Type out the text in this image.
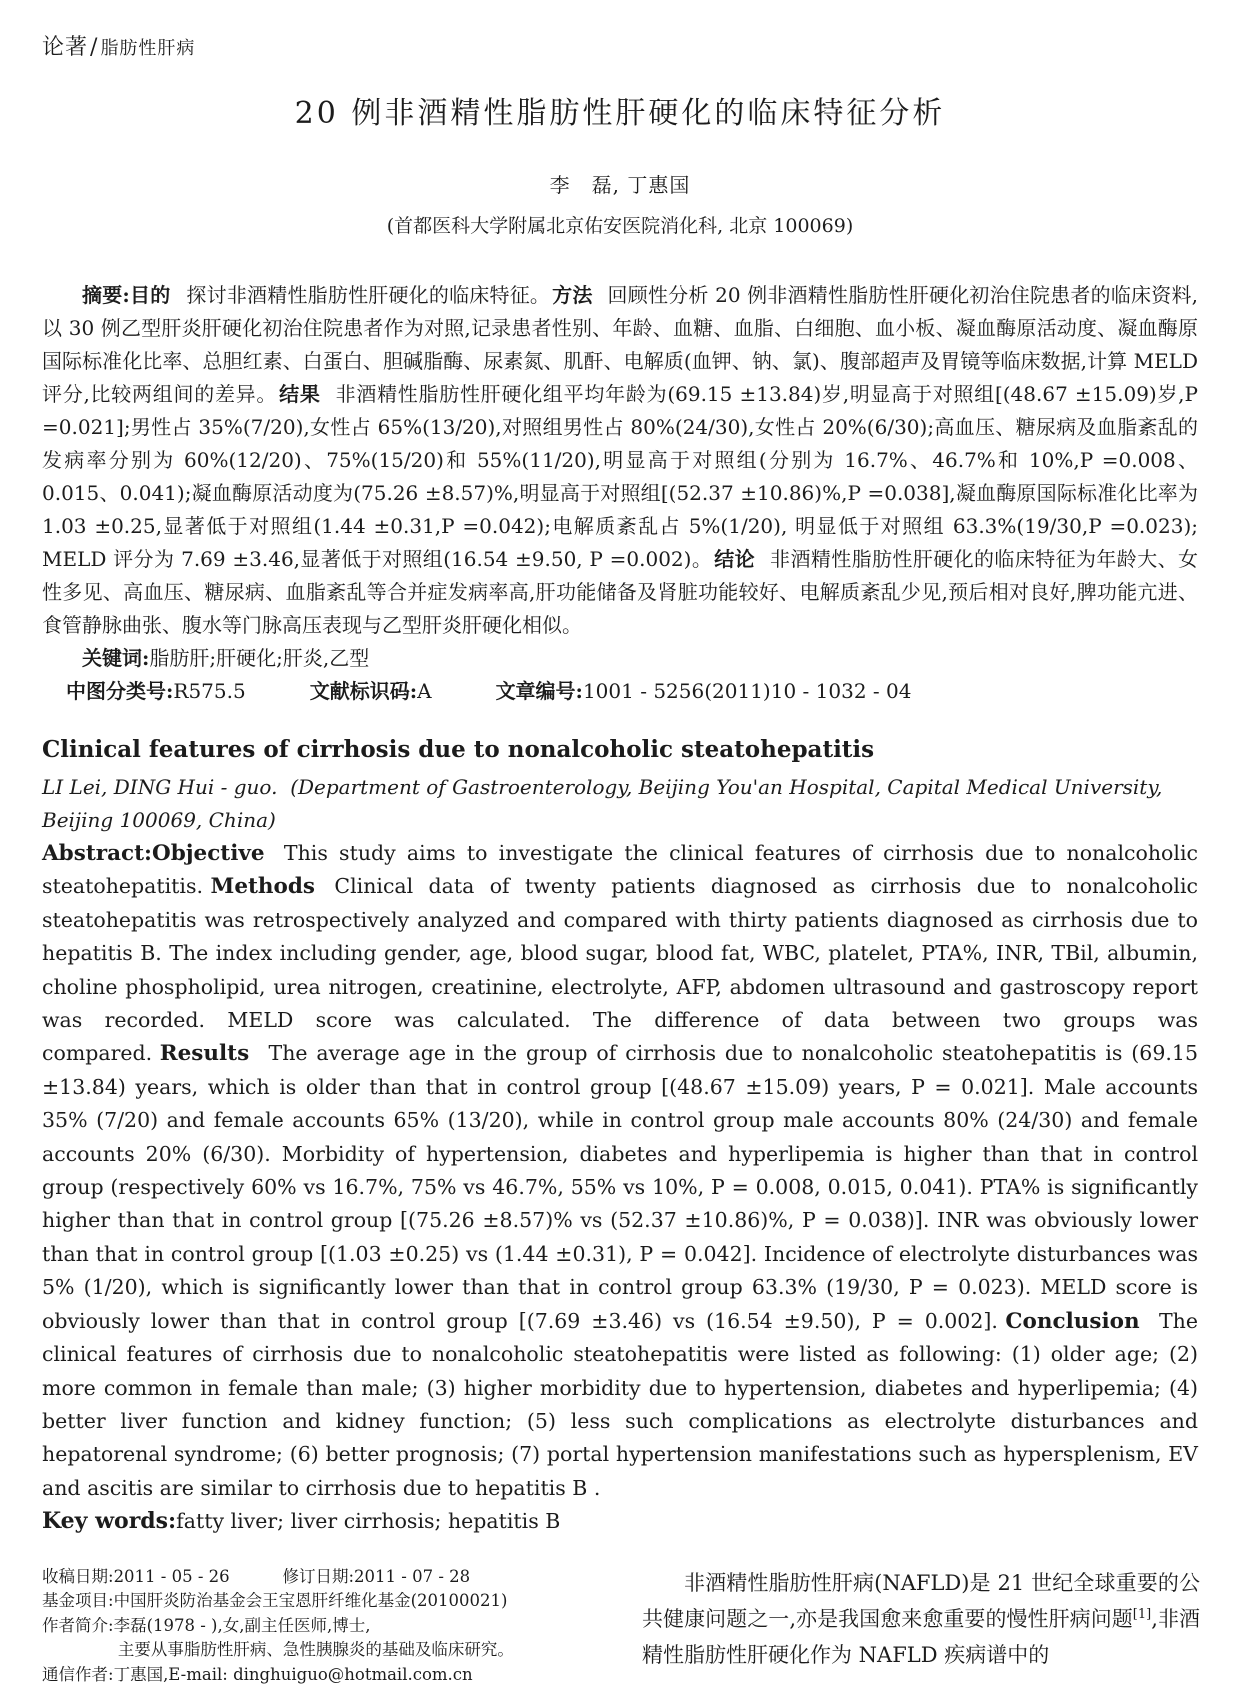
论著/ 脂肪性肝病
20 例非酒精性脂肪性肝硬化的临床特征分析
李　磊, 丁惠国
(首都医科大学附属北京佑安医院消化科, 北京 100069)

摘要:目的 探讨非酒精性脂肪性肝硬化的临床特征。 方法 回顾性分析 20 例非酒精性脂肪性肝硬化初治住院患者的临床资料,以 30 例乙型肝炎肝硬化初治住院患者作为对照,记录患者性别、年龄、血糖、血脂、白细胞、血小板、凝血酶原活动度、凝血酶原国际标准化比率、总胆红素、白蛋白、胆碱脂酶、尿素氮、肌酐、电解质(血钾、钠、氯)、腹部超声及胃镜等临床数据,计算 MELD 评分,比较两组间的差异。 结果 非酒精性脂肪性肝硬化组平均年龄为(69.15 ±13.84)岁,明显高于对照组[(48.67 ±15.09)岁,P =0.021];男性占 35%(7/20),女性占 65%(13/20),对照组男性占 80%(24/30),女性占 20%(6/30);高血压、糖尿病及血脂紊乱的发病率分别为 60%(12/20)、75%(15/20)和 55%(11/20),明显高于对照组(分别为 16.7%、46.7%和 10%,P =0.008、0.015、0.041);凝血酶原活动度为(75.26 ±8.57)%,明显高于对照组[(52.37 ±10.86)%,P =0.038],凝血酶原国际标准化比率为 1.03 ±0.25,显著低于对照组(1.44 ±0.31,P =0.042);电解质紊乱占 5%(1/20), 明显低于对照组 63.3%(19/30,P =0.023); MELD 评分为 7.69 ±3.46,显著低于对照组(16.54 ±9.50, P =0.002)。 结论 非酒精性脂肪性肝硬化的临床特征为年龄大、女性多见、高血压、糖尿病、血脂紊乱等合并症发病率高,肝功能储备及肾脏功能较好、电解质紊乱少见,预后相对良好,脾功能亢进、食管静脉曲张、腹水等门脉高压表现与乙型肝炎肝硬化相似。

关键词:脂肪肝;肝硬化;肝炎,乙型

中图分类号:R575.5	文献标识码:A	文章编号:1001 - 5256(2011)10 - 1032 - 04

Clinical features of cirrhosis due to nonalcoholic steatohepatitis

LI Lei, DING Hui - guo. (Department of Gastroenterology, Beijing You'an Hospital, Capital Medical University, Beijing 100069, China)

Abstract:Objective This study aims to investigate the clinical features of cirrhosis due to nonalcoholic steatohepatitis. Methods Clinical data of twenty patients diagnosed as cirrhosis due to nonalcoholic steatohepatitis was retrospectively analyzed and compared with thirty patients diagnosed as cirrhosis due to hepatitis B. The index including gender, age, blood sugar, blood fat, WBC, platelet, PTA%, INR, TBil, albumin, choline phospholipid, urea nitrogen, creatinine, electrolyte, AFP, abdomen ultrasound and gastroscopy report was recorded. MELD score was calculated. The difference of data between two groups was compared. Results The average age in the group of cirrhosis due to nonalcoholic steatohepatitis is (69.15 ±13.84) years, which is older than that in control group [(48.67 ±15.09) years, P = 0.021]. Male accounts 35% (7/20) and female accounts 65% (13/20), while in control group male accounts 80% (24/30) and female accounts 20% (6/30). Morbidity of hypertension, diabetes and hyperlipemia is higher than that in control group (respectively 60% vs 16.7%, 75% vs 46.7%, 55% vs 10%, P = 0.008, 0.015, 0.041). PTA% is significantly higher than that in control group [(75.26 ±8.57)% vs (52.37 ±10.86)%, P = 0.038)]. INR was obviously lower than that in control group [(1.03 ±0.25) vs (1.44 ±0.31), P = 0.042]. Incidence of electrolyte disturbances was 5% (1/20), which is significantly lower than that in control group 63.3% (19/30, P = 0.023). MELD score is obviously lower than that in control group [(7.69 ±3.46) vs (16.54 ±9.50), P = 0.002]. Conclusion The clinical features of cirrhosis due to nonalcoholic steatohepatitis were listed as following: (1) older age; (2) more common in female than male; (3) higher morbidity due to hypertension, diabetes and hyperlipemia; (4) better liver function and kidney function; (5) less such complications as electrolyte disturbances and hepatorenal syndrome; (6) better prognosis; (7) portal hypertension manifestations such as hypersplenism, EV and ascitis are similar to cirrhosis due to hepatitis B .

Key words:fatty liver; liver cirrhosis; hepatitis B

收稿日期:2011 - 05 - 26	修订日期:2011 - 07 - 28
基金项目:中国肝炎防治基金会王宝恩肝纤维化基金(20100021)
作者简介:李磊(1978 - ),女,副主任医师,博士,
主要从事脂肪性肝病、急性胰腺炎的基础及临床研究。
通信作者:丁惠国,E-mail: dinghuiguo@hotmail.com.cn

非酒精性脂肪性肝病(NAFLD)是 21 世纪全球重要的公共健康问题之一,亦是我国愈来愈重要的慢性肝病问题[1],非酒精性脂肪性肝硬化作为 NAFLD 疾病谱中的
